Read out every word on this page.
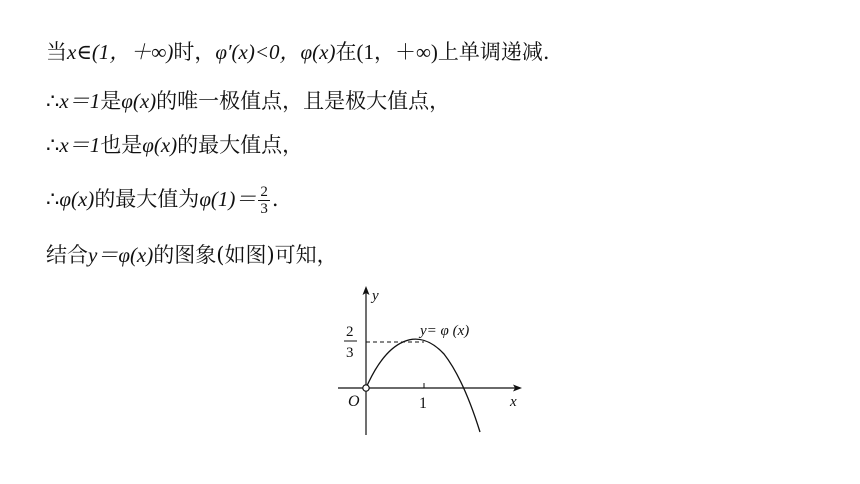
当x∈(1，＋∞)时，φ′(x)<0，φ(x)在(1，＋∞)上单调递减.
∴x＝1是φ(x)的唯一极值点，且是极大值点，
∴x＝1也是φ(x)的最大值点，
∴φ(x)的最大值为$\varphi(1)= \frac{2}{3}$ .
结合y＝φ(x)的图象(如图)可知，
y
x
O	1
2
3
y= φ (x)
